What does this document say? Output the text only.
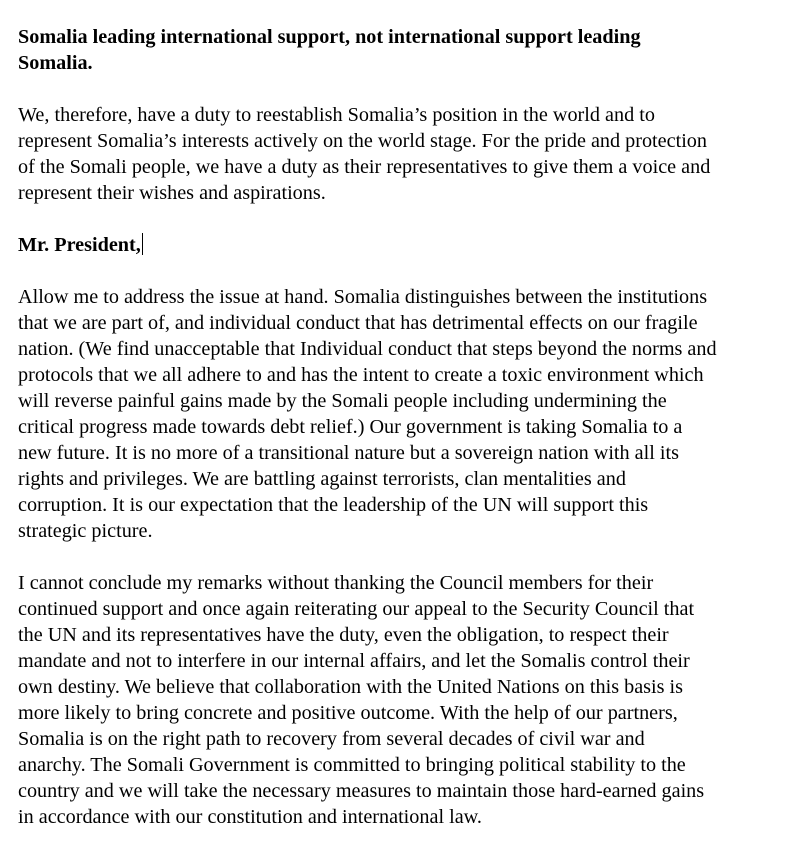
Somalia leading international support, not international support leading
Somalia.
We, therefore, have a duty to reestablish Somalia’s position in the world and to
represent Somalia’s interests actively on the world stage. For the pride and protection
of the Somali people, we have a duty as their representatives to give them a voice and
represent their wishes and aspirations.
Mr. President,
Allow me to address the issue at hand. Somalia distinguishes between the institutions
that we are part of, and individual conduct that has detrimental effects on our fragile
nation. (We find unacceptable that Individual conduct that steps beyond the norms and
protocols that we all adhere to and has the intent to create a toxic environment which
will reverse painful gains made by the Somali people including undermining the
critical progress made towards debt relief.) Our government is taking Somalia to a
new future. It is no more of a transitional nature but a sovereign nation with all its
rights and privileges. We are battling against terrorists, clan mentalities and
corruption. It is our expectation that the leadership of the UN will support this
strategic picture.
I cannot conclude my remarks without thanking the Council members for their
continued support and once again reiterating our appeal to the Security Council that
the UN and its representatives have the duty, even the obligation, to respect their
mandate and not to interfere in our internal affairs, and let the Somalis control their
own destiny. We believe that collaboration with the United Nations on this basis is
more likely to bring concrete and positive outcome. With the help of our partners,
Somalia is on the right path to recovery from several decades of civil war and
anarchy. The Somali Government is committed to bringing political stability to the
country and we will take the necessary measures to maintain those hard-earned gains
in accordance with our constitution and international law.
